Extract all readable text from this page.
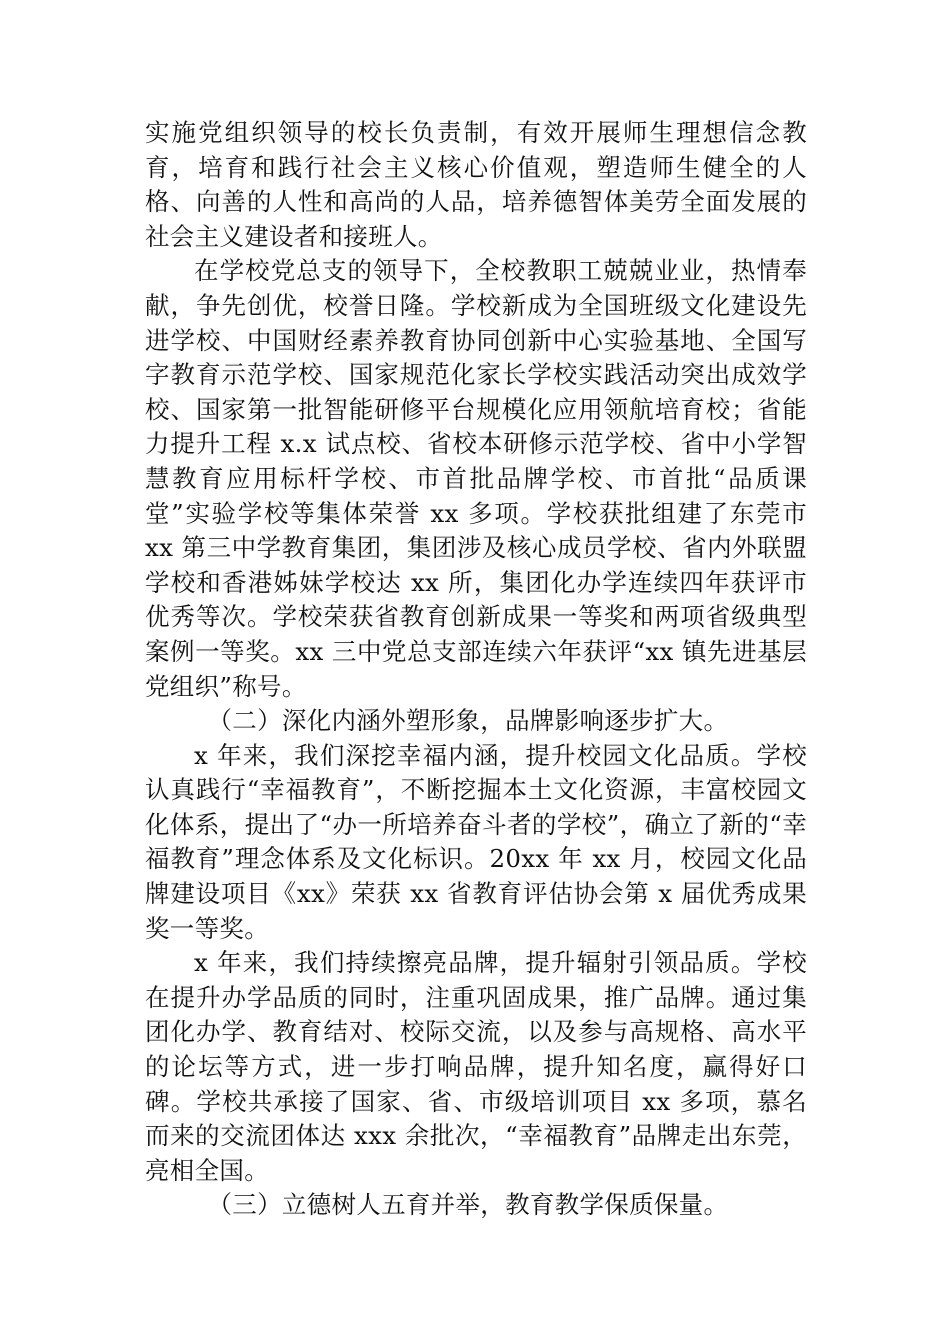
实施党组织领导的校长负责制，有效开展师生理想信念教育，培育和践行社会主义核心价值观，塑造师生健全的人格、向善的人性和高尚的人品，培养德智体美劳全面发展的社会主义建设者和接班人。

在学校党总支的领导下，全校教职工兢兢业业，热情奉献，争先创优，校誉日隆。学校新成为全国班级文化建设先进学校、中国财经素养教育协同创新中心实验基地、全国写字教育示范学校、国家规范化家长学校实践活动突出成效学校、国家第一批智能研修平台规模化应用领航培育校；省能力提升工程 x.x 试点校、省校本研修示范学校、省中小学智慧教育应用标杆学校、市首批品牌学校、市首批“品质课堂”实验学校等集体荣誉 xx 多项。学校获批组建了东莞市 xx 第三中学教育集团，集团涉及核心成员学校、省内外联盟学校和香港姊妹学校达 xx 所，集团化办学连续四年获评市优秀等次。学校荣获省教育创新成果一等奖和两项省级典型案例一等奖。xx 三中党总支部连续六年获评“xx 镇先进基层党组织”称号。

（二）深化内涵外塑形象，品牌影响逐步扩大。

x 年来，我们深挖幸福内涵，提升校园文化品质。学校认真践行“幸福教育”，不断挖掘本土文化资源，丰富校园文化体系，提出了“办一所培养奋斗者的学校”，确立了新的“幸福教育”理念体系及文化标识。20xx 年 xx 月，校园文化品牌建设项目《xx》荣获 xx 省教育评估协会第 x 届优秀成果奖一等奖。

x 年来，我们持续擦亮品牌，提升辐射引领品质。学校在提升办学品质的同时，注重巩固成果，推广品牌。通过集团化办学、教育结对、校际交流，以及参与高规格、高水平的论坛等方式，进一步打响品牌，提升知名度，赢得好口碑。学校共承接了国家、省、市级培训项目 xx 多项，慕名而来的交流团体达 xxx 余批次，“幸福教育”品牌走出东莞，亮相全国。

（三）立德树人五育并举，教育教学保质保量。
